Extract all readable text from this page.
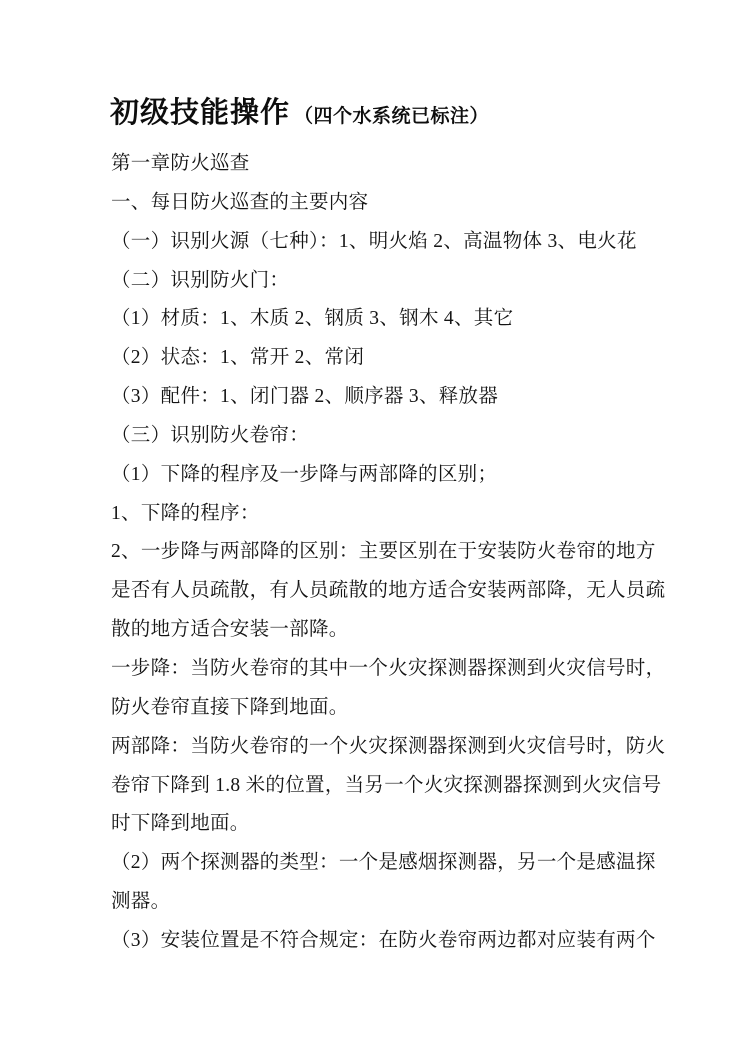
初级技能操作 （四个水系统已标注）
第一章防火巡查
一、每日防火巡查的主要内容
（一）识别火源（七种）：1、明火焰 2、高温物体 3、电火花
（二）识别防火门：
（1）材质：1、木质 2、钢质 3、钢木 4、其它
（2）状态：1、常开 2、常闭
（3）配件：1、闭门器 2、顺序器 3、释放器
（三）识别防火卷帘：
（1）下降的程序及一步降与两部降的区别；
1、下降的程序：
2、一步降与两部降的区别：主要区别在于安装防火卷帘的地方
是否有人员疏散，有人员疏散的地方适合安装两部降，无人员疏
散的地方适合安装一部降。
一步降：当防火卷帘的其中一个火灾探测器探测到火灾信号时，
防火卷帘直接下降到地面。
两部降：当防火卷帘的一个火灾探测器探测到火灾信号时，防火
卷帘下降到 1.8 米的位置，当另一个火灾探测器探测到火灾信号
时下降到地面。
（2）两个探测器的类型：一个是感烟探测器，另一个是感温探
测器。
（3）安装位置是不符合规定：在防火卷帘两边都对应装有两个
